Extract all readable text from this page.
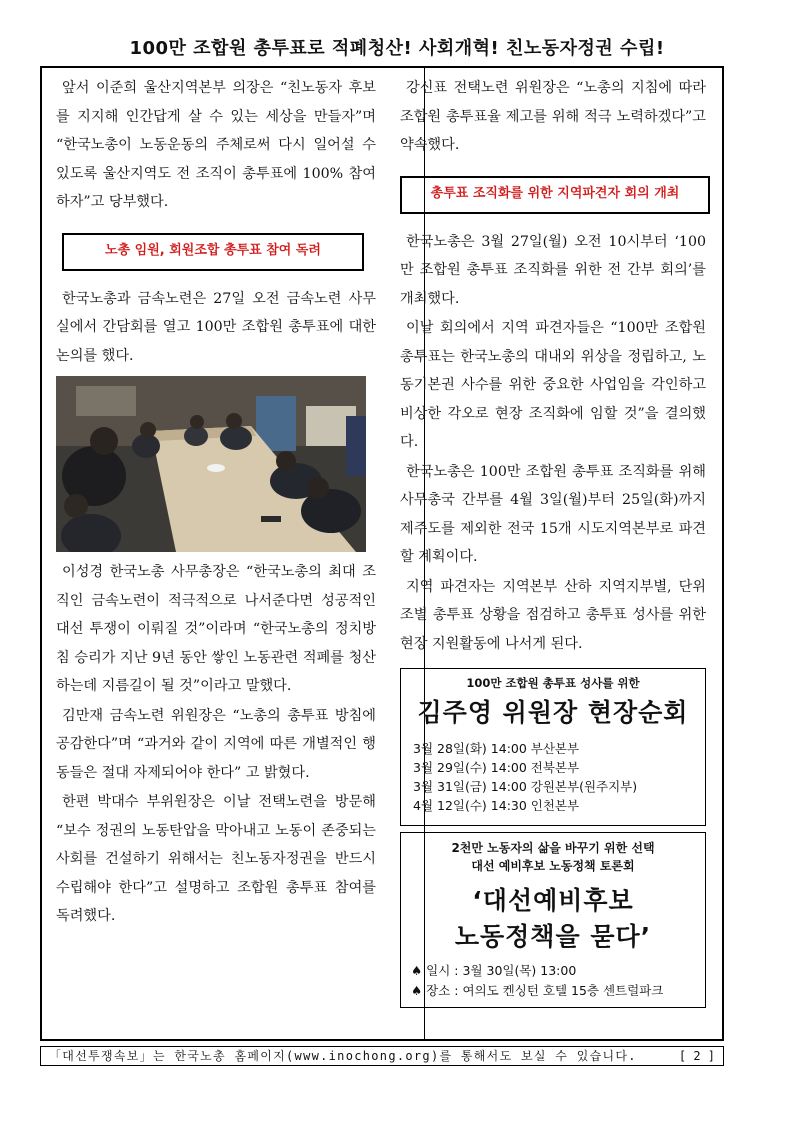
100만 조합원 총투표로 적폐청산! 사회개혁! 친노동자정권 수립!

앞서 이준희 울산지역본부 의장은 “친노동자 후보를 지지해 인간답게 살 수 있는 세상을 만들자”며 “한국노총이 노동운동의 주체로써 다시 일어설 수 있도록 울산지역도 전 조직이 총투표에 100% 참여하자”고 당부했다.

노총 임원, 회원조합 총투표 참여 독려

한국노총과 금속노련은 27일 오전 금속노련 사무실에서 간담회를 열고 100만 조합원 총투표에 대한 논의를 했다.

이성경 한국노총 사무총장은 “한국노총의 최대 조직인 금속노련이 적극적으로 나서준다면 성공적인 대선 투쟁이 이뤄질 것”이라며 “한국노총의 정치방침 승리가 지난 9년 동안 쌓인 노동관련 적폐를 청산하는데 지름길이 될 것”이라고 말했다.

김만재 금속노련 위원장은 “노총의 총투표 방침에 공감한다”며 “과거와 같이 지역에 따른 개별적인 행동들은 절대 자제되어야 한다” 고 밝혔다.

한편 박대수 부위원장은 이날 전택노련을 방문해 “보수 정권의 노동탄압을 막아내고 노동이 존중되는 사회를 건설하기 위해서는 친노동자정권을 반드시 수립해야 한다”고 설명하고 조합원 총투표 참여를 독려했다.

강신표 전택노련 위원장은 “노총의 지침에 따라 조합원 총투표율 제고를 위해 적극 노력하겠다”고 약속했다.

총투표 조직화를 위한 지역파견자 회의 개최

한국노총은 3월 27일(월) 오전 10시부터 ‘100만 조합원 총투표 조직화를 위한 전 간부 회의’를 개최했다.

이날 회의에서 지역 파견자들은 “100만 조합원 총투표는 한국노총의 대내외 위상을 정립하고, 노동기본권 사수를 위한 중요한 사업임을 각인하고 비상한 각오로 현장 조직화에 임할 것”을 결의했다.

한국노총은 100만 조합원 총투표 조직화를 위해 사무총국 간부를 4월 3일(월)부터 25일(화)까지 제주도를 제외한 전국 15개 시도지역본부로 파견할 계획이다.

지역 파견자는 지역본부 산하 지역지부별, 단위조별 총투표 상황을 점검하고 총투표 성사를 위한 현장 지원활동에 나서게 된다.

100만 조합원 총투표 성사를 위한
김주영 위원장 현장순회
3월 28일(화) 14:00 부산본부
3월 29일(수) 14:00 전북본부
3월 31일(금) 14:00 강원본부(원주지부)
4월 12일(수) 14:30 인천본부
2천만 노동자의 삶을 바꾸기 위한 선택
대선 예비후보 노동정책 토론회
‘대선예비후보
노동정책을 묻다’
♠ 일시 : 3월 30일(목) 13:00
♠ 장소 : 여의도 켄싱턴 호텔 15층 센트럴파크
「대선투쟁속보」는 한국노총 홈페이지(www.inochong.org)를 통해서도 보실 수 있습니다.	[ 2 ]
